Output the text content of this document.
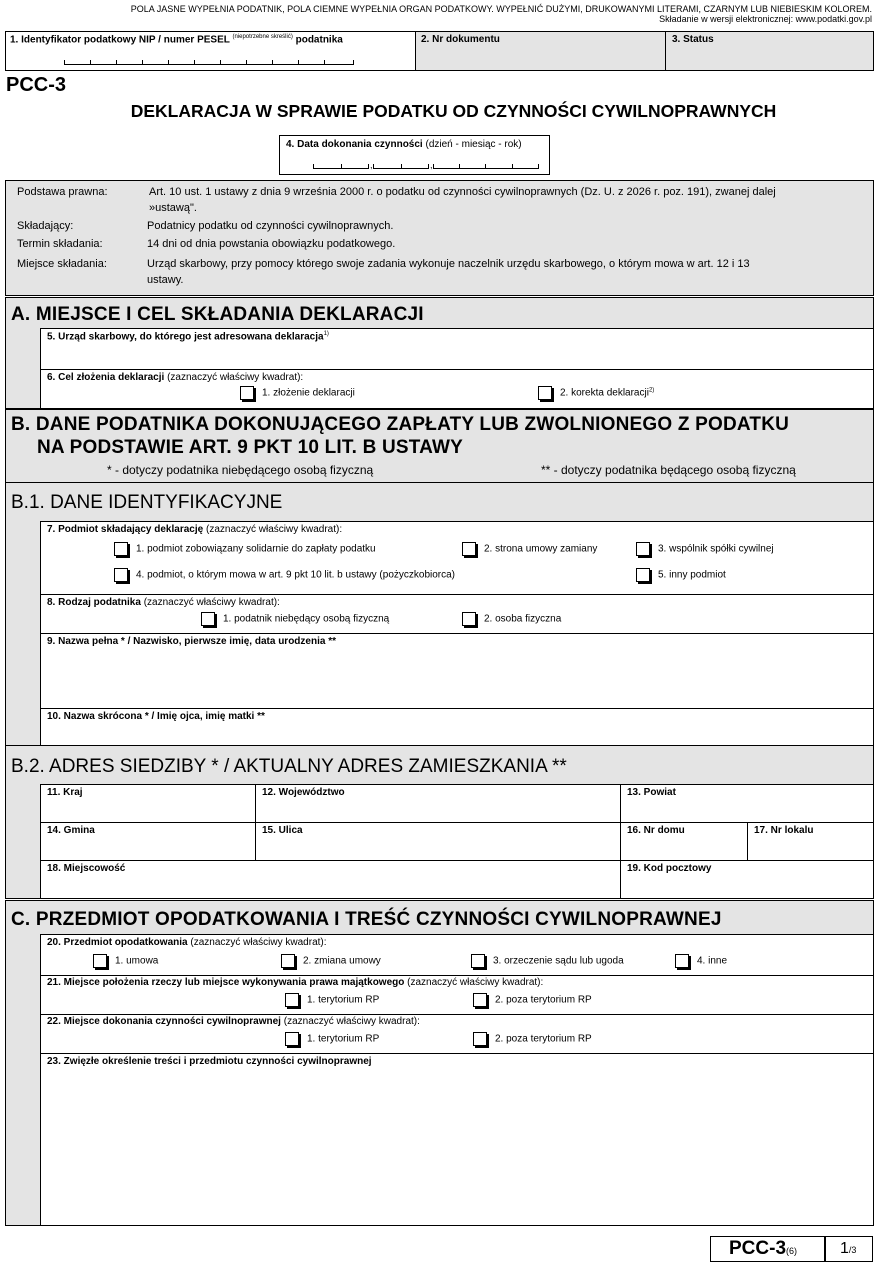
POLA JASNE WYPEŁNIA PODATNIK, POLA CIEMNE WYPEŁNIA ORGAN PODATKOWY. WYPEŁNIĆ DUŻYMI, DRUKOWANYMI LITERAMI, CZARNYM LUB NIEBIESKIM KOLOREM.
Składanie w wersji elektronicznej: www.podatki.gov.pl
1. Identyfikator podatkowy NIP / numer PESEL $^{(niepotrzebne skreślić)}$ podatnika	2. Nr dokumentu	3. Status
PCC-3
DEKLARACJA W SPRAWIE PODATKU OD CZYNNOŚCI CYWILNOPRAWNYCH
4. Data dokonania czynności (dzień - miesiąc - rok)
,	,
Podstawa prawna:	Art. 10 ust. 1 ustawy z dnia 9 września 2000 r. o podatku od czynności cywilnoprawnych (Dz. U. z 2026 r. poz. 191), zwanej dalej
»ustawą".
Składający:	Podatnicy podatku od czynności cywilnoprawnych.
Termin składania:	14 dni od dnia powstania obowiązku podatkowego.
Miejsce składania:	Urząd skarbowy, przy pomocy którego swoje zadania wykonuje naczelnik urzędu skarbowego, o którym mowa w art. 12 i 13
ustawy.
A. MIEJSCE I CEL SKŁADANIA DEKLARACJI
5. Urząd skarbowy, do którego jest adresowana deklaracja$^{1)}$
6. Cel złożenia deklaracji (zaznaczyć właściwy kwadrat):
1. złożenie deklaracji	2. korekta deklaracji$^{2)}$
B. DANE PODATNIKA DOKONUJĄCEGO ZAPŁATY LUB ZWOLNIONEGO Z PODATKU
NA PODSTAWIE ART. 9 PKT 10 LIT. B USTAWY
* - dotyczy podatnika niebędącego osobą fizyczną	** - dotyczy podatnika będącego osobą fizyczną
B.1. DANE IDENTYFIKACYJNE
7. Podmiot składający deklarację (zaznaczyć właściwy kwadrat):
1. podmiot zobowiązany solidarnie do zapłaty podatku	2. strona umowy zamiany	3. wspólnik spółki cywilnej
4. podmiot, o którym mowa w art. 9 pkt 10 lit. b ustawy (pożyczkobiorca)	5. inny podmiot
8. Rodzaj podatnika (zaznaczyć właściwy kwadrat):
1. podatnik niebędący osobą fizyczną	2. osoba fizyczna
9. Nazwa pełna * / Nazwisko, pierwsze imię, data urodzenia **
10. Nazwa skrócona * / Imię ojca, imię matki **
B.2. ADRES SIEDZIBY * / AKTUALNY ADRES ZAMIESZKANIA **
11. Kraj	12. Województwo	13. Powiat
14. Gmina	15. Ulica	16. Nr domu	17. Nr lokalu
18. Miejscowość	19. Kod pocztowy
C. PRZEDMIOT OPODATKOWANIA I TREŚĆ CZYNNOŚCI CYWILNOPRAWNEJ
20. Przedmiot opodatkowania (zaznaczyć właściwy kwadrat):
1. umowa	2. zmiana umowy	3. orzeczenie sądu lub ugoda	4. inne
21. Miejsce położenia rzeczy lub miejsce wykonywania prawa majątkowego (zaznaczyć właściwy kwadrat):
1. terytorium RP	2. poza terytorium RP
22. Miejsce dokonania czynności cywilnoprawnej (zaznaczyć właściwy kwadrat):
1. terytorium RP	2. poza terytorium RP
23. Zwięzłe określenie treści i przedmiotu czynności cywilnoprawnej
PCC-3(6)	1/3
